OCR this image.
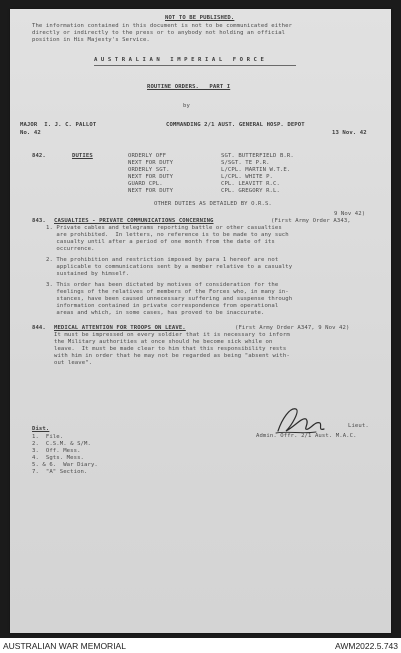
NOT TO BE PUBLISHED.
The information contained in this document is not to be communicated either
directly or indirectly to the press or to anybody not holding an official
position in His Majesty's Service.
A U S T R A L I A N   I M P E R I A L   F O R C E
ROUTINE ORDERS.   PART I
by
MAJOR  I. J. C. PALLOT	COMMANDING 2/1 AUST. GENERAL HOSP. DEPOT
No. 42	13 Nov. 42
842.	DUTIES	ORDERLY OFF	SGT. BUTTERFIELD B.R.
NEXT FOR DUTY	S/SGT. TE P.R.
ORDERLY SGT.	L/CPL. MARTIN W.T.E.
NEXT FOR DUTY	L/CPL. WHITE P.
GUARD CPL.	CPL. LEAVITT R.C.
NEXT FOR DUTY	CPL. GREGORY R.L.
OTHER DUTIES AS DETAILED BY O.R.S.
9 Nov 42)
843. CASUALTIES - PRIVATE COMMUNICATIONS CONCERNING	(First Army Order A343,
1. Private cables and telegrams reporting battle or other casualties
are prohibited.  In letters, no reference is to be made to any such
casualty until after a period of one month from the date of its
occurrence.
2. The prohibition and restriction imposed by para 1 hereof are not
applicable to communications sent by a member relative to a casualty
sustained by himself.
3. This order has been dictated by motives of consideration for the
feelings of the relatives of members of the Forces who, in many in-
stances, have been caused unnecessary suffering and suspense through
information contained in private correspondence from operational
areas and which, in some cases, has proved to be inaccurate.
844. MEDICAL ATTENTION FOR TROOPS ON LEAVE.	(First Army Order A347, 9 Nov 42)
It must be impressed on every soldier that it is necessary to inform
the Military authorities at once should he become sick while on
leave.  It must be made clear to him that this responsibility rests
with him in order that he may not be regarded as being "absent with-
out leave".
Lieut.
Admin. Offr. 2/1 Aust. M.A.C.
Dist.
1.  File.
2.  C.S.M. & S/M.
3.  Off. Mess.
4.  Sgts. Mess.
5. & 6.  War Diary.
7.  "A" Section.
AUSTRALIAN WAR MEMORIAL	AWM2022.5.743
